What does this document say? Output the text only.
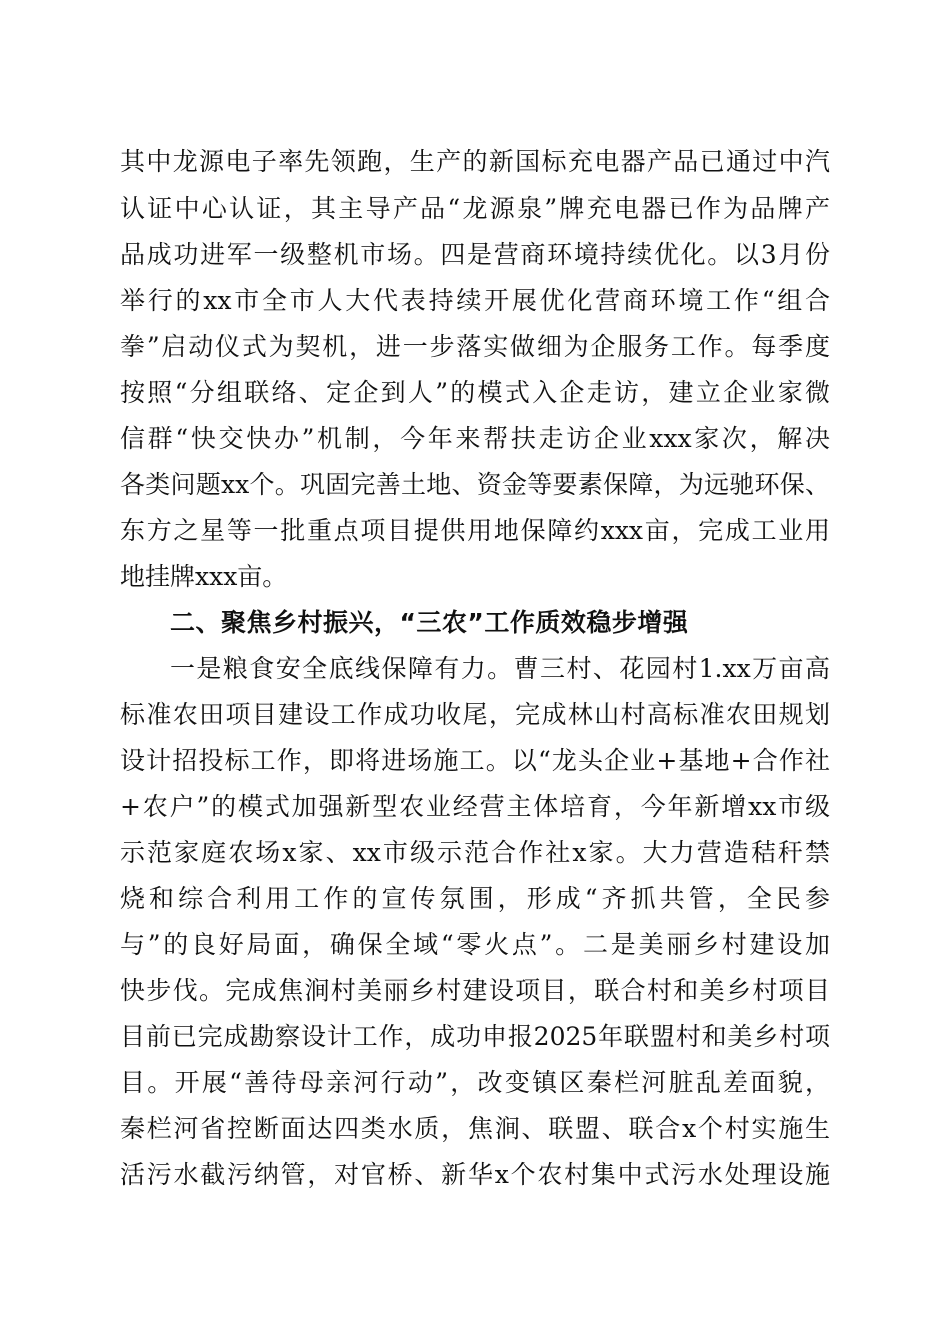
其中龙源电子率先领跑，生产的新国标充电器产品已通过中汽
认证中心认证，其主导产品“龙源泉”牌充电器已作为品牌产
品成功进军一级整机市场。四是营商环境持续优化。以3月份
举行的xx市全市人大代表持续开展优化营商环境工作“组合
拳”启动仪式为契机，进一步落实做细为企服务工作。每季度
按照“分组联络、定企到人”的模式入企走访，建立企业家微
信群“快交快办”机制，今年来帮扶走访企业xxx家次，解决
各类问题xx个。巩固完善土地、资金等要素保障，为远驰环保、
东方之星等一批重点项目提供用地保障约xxx亩，完成工业用
地挂牌xxx亩。
二、聚焦乡村振兴，“三农”工作质效稳步增强
一是粮食安全底线保障有力。曹三村、花园村1.xx万亩高
标准农田项目建设工作成功收尾，完成林山村高标准农田规划
设计招投标工作，即将进场施工。以“龙头企业+基地+合作社
+农户”的模式加强新型农业经营主体培育，今年新增xx市级
示范家庭农场x家、xx市级示范合作社x家。大力营造秸秆禁
烧和综合利用工作的宣传氛围，形成“齐抓共管，全民参
与”的良好局面，确保全域“零火点”。二是美丽乡村建设加
快步伐。完成焦涧村美丽乡村建设项目，联合村和美乡村项目
目前已完成勘察设计工作，成功申报2025年联盟村和美乡村项
目。开展“善待母亲河行动”，改变镇区秦栏河脏乱差面貌，
秦栏河省控断面达四类水质，焦涧、联盟、联合x个村实施生
活污水截污纳管，对官桥、新华x个农村集中式污水处理设施
